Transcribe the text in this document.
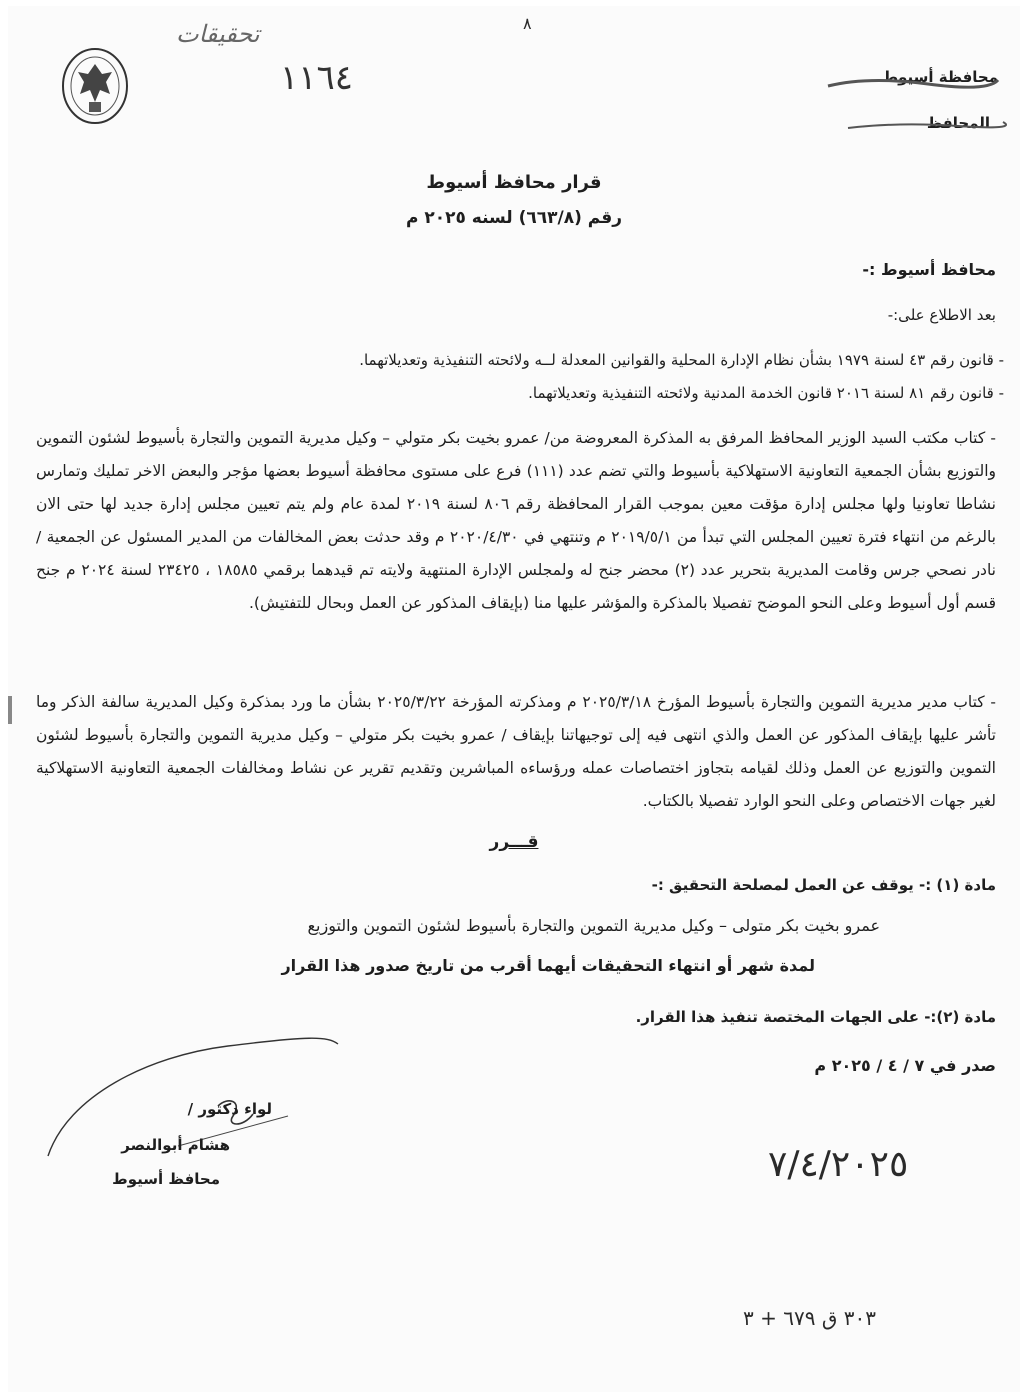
تحقيقات
١١٦٤
٨
محافظة أسيوط
المحافظ
قرار محافظ أسيوط
رقم (٦٦٣/٨) لسنه ٢٠٢٥ م
محافظ أسيوط :-
بعد الاطلاع على:-
- قانون رقم ٤٣ لسنة ١٩٧٩ بشأن نظام الإدارة المحلية والقوانين المعدلة لــه ولائحته التنفيذية وتعديلاتهما.
- قانون رقم ٨١ لسنة ٢٠١٦ قانون الخدمة المدنية ولائحته التنفيذية وتعديلاتهما.

- كتاب مكتب السيد الوزير المحافظ المرفق به المذكرة المعروضة من/ عمرو بخيت بكر متولي – وكيل مديرية التموين والتجارة بأسيوط لشئون التموين والتوزيع بشأن الجمعية التعاونية الاستهلاكية بأسيوط والتي تضم عدد (١١١) فرع على مستوى محافظة أسيوط بعضها مؤجر والبعض الاخر تمليك وتمارس نشاطا تعاونيا ولها مجلس إدارة مؤقت معين بموجب القرار المحافظة رقم ٨٠٦ لسنة ٢٠١٩ لمدة عام ولم يتم تعيين مجلس إدارة جديد لها حتى الان بالرغم من انتهاء فترة تعيين المجلس التي تبدأ من ٢٠١٩/٥/١ م وتنتهي في ٢٠٢٠/٤/٣٠ م وقد حدثت بعض المخالفات من المدير المسئول عن الجمعية / نادر نصحي جرس وقامت المديرية بتحرير عدد (٢) محضر جنح له ولمجلس الإدارة المنتهية ولايته تم قيدهما برقمي ١٨٥٨٥ ، ٢٣٤٢٥ لسنة ٢٠٢٤ م جنح قسم أول أسيوط وعلى النحو الموضح تفصيلا بالمذكرة والمؤشر عليها منا (بإيقاف المذكور عن العمل وبحال للتفتيش).

- كتاب مدير مديرية التموين والتجارة بأسيوط المؤرخ ٢٠٢٥/٣/١٨ م ومذكرته المؤرخة ٢٠٢٥/٣/٢٢ بشأن ما ورد بمذكرة وكيل المديرية سالفة الذكر وما تأشر عليها بإيقاف المذكور عن العمل والذي انتهى فيه إلى توجيهاتنا بإيقاف / عمرو بخيت بكر متولي – وكيل مديرية التموين والتجارة بأسيوط لشئون التموين والتوزيع عن العمل وذلك لقيامه بتجاوز اختصاصات عمله ورؤساءه المباشرين وتقديم تقرير عن نشاط ومخالفات الجمعية التعاونية الاستهلاكية لغير جهات الاختصاص وعلى النحو الوارد تفصيلا بالكتاب.

قـــرر
مادة (١) :- يوقف عن العمل لمصلحة التحقيق :-
عمرو بخيت بكر متولى – وكيل مديرية التموين والتجارة بأسيوط لشئون التموين والتوزيع
لمدة شهر أو انتهاء التحقيقات أيهما أقرب من تاريخ صدور هذا القرار
مادة (٢):- على الجهات المختصة تنفيذ هذا القرار.
صدر في ٧ / ٤ / ٢٠٢٥ م
٧/٤/٢٠٢٥
لواء دكتور /
هشام أبوالنصر
محافظ أسيوط
٣٠٣ ق ٦٧٩ + ٣
